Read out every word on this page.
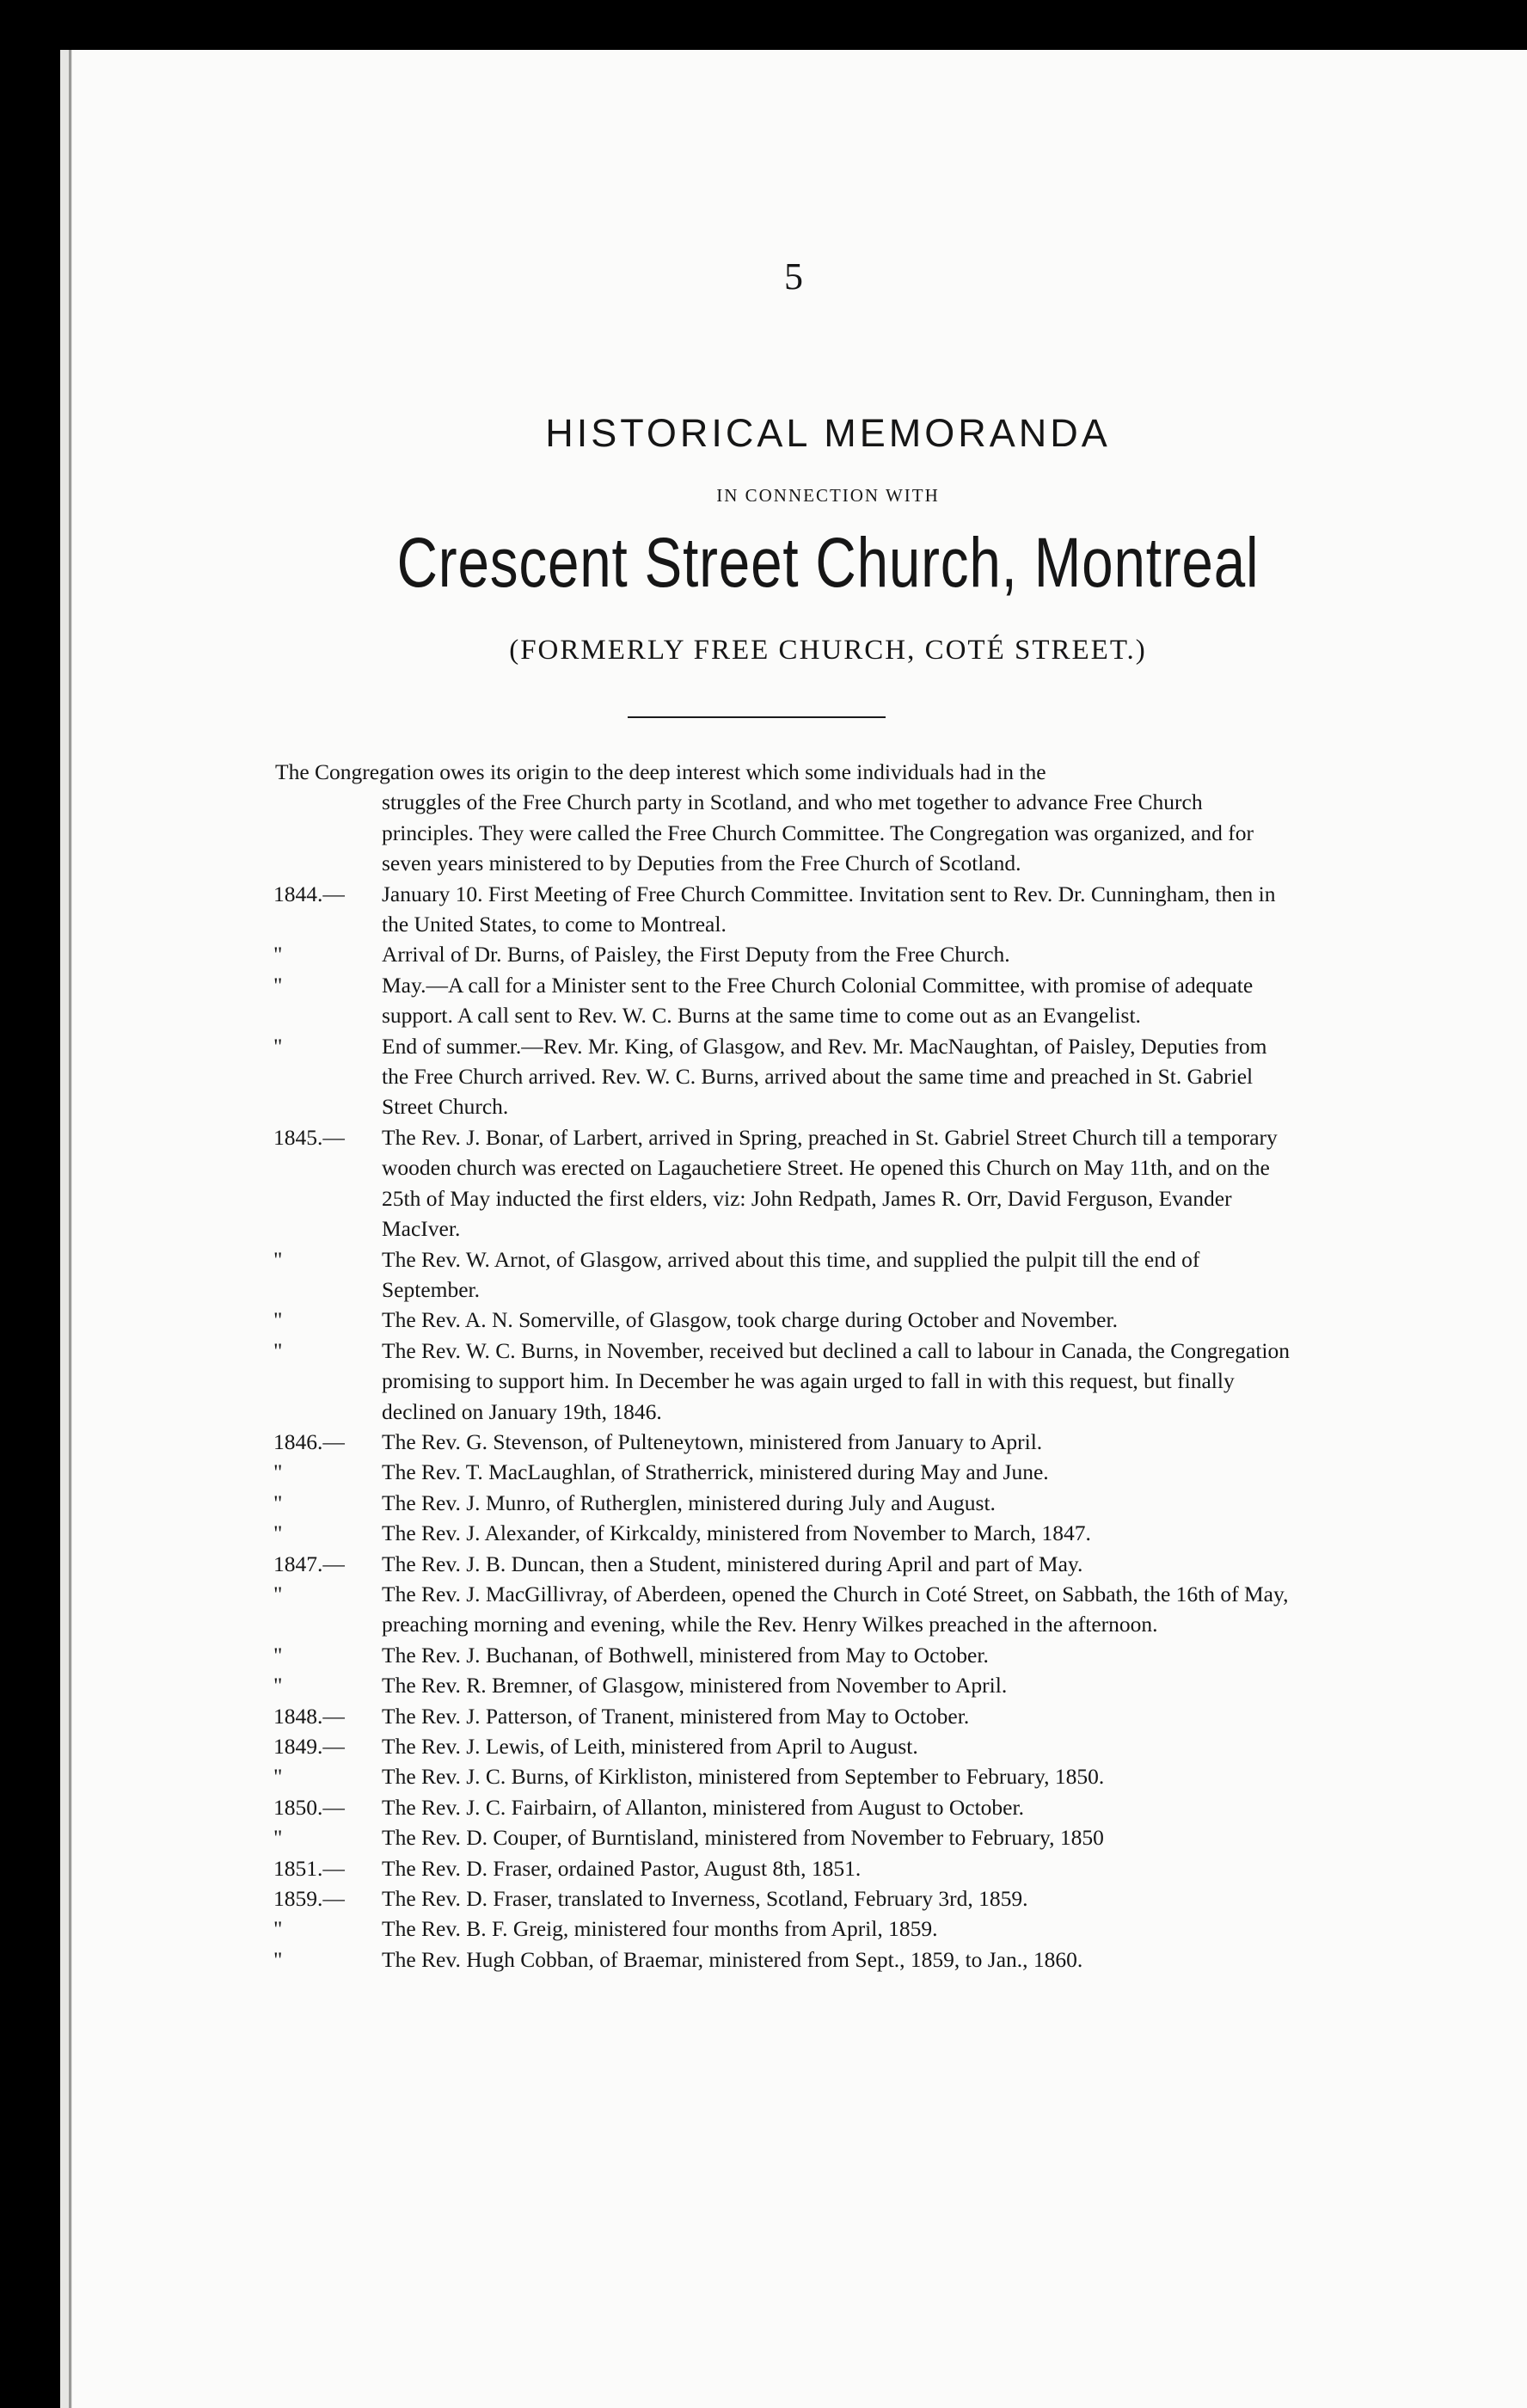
5
HISTORICAL MEMORANDA
IN CONNECTION WITH
Crescent Street Church, Montreal
(FORMERLY FREE CHURCH, COTÉ STREET.)
The Congregation owes its origin to the deep interest which some individuals had in the
struggles of the Free Church party in Scotland, and who met together to advance Free Church principles. They were called the Free Church Committee. The Congregation was organized, and for seven years ministered to by Deputies from the Free Church of Scotland.
1844.— January 10. First Meeting of Free Church Committee. Invitation sent to Rev. Dr. Cunningham, then in the United States, to come to Montreal.
"	Arrival of Dr. Burns, of Paisley, the First Deputy from the Free Church.
"	May.—A call for a Minister sent to the Free Church Colonial Committee, with promise of adequate support. A call sent to Rev. W. C. Burns at the same time to come out as an Evangelist.
"	End of summer.—Rev. Mr. King, of Glasgow, and Rev. Mr. MacNaughtan, of Paisley, Deputies from the Free Church arrived. Rev. W. C. Burns, arrived about the same time and preached in St. Gabriel Street Church.
1845.— The Rev. J. Bonar, of Larbert, arrived in Spring, preached in St. Gabriel Street Church till a temporary wooden church was erected on Lagauchetiere Street. He opened this Church on May 11th, and on the 25th of May inducted the first elders, viz: John Redpath, James R. Orr, David Ferguson, Evander MacIver.
"	The Rev. W. Arnot, of Glasgow, arrived about this time, and supplied the pulpit till the end of September.
"	The Rev. A. N. Somerville, of Glasgow, took charge during October and November.
"	The Rev. W. C. Burns, in November, received but declined a call to labour in Canada, the Congregation promising to support him. In December he was again urged to fall in with this request, but finally declined on January 19th, 1846.
1846.— The Rev. G. Stevenson, of Pulteneytown, ministered from January to April.
"	The Rev. T. MacLaughlan, of Stratherrick, ministered during May and June.
"	The Rev. J. Munro, of Rutherglen, ministered during July and August.
"	The Rev. J. Alexander, of Kirkcaldy, ministered from November to March, 1847.
1847.— The Rev. J. B. Duncan, then a Student, ministered during April and part of May.
"	The Rev. J. MacGillivray, of Aberdeen, opened the Church in Coté Street, on Sabbath, the 16th of May, preaching morning and evening, while the Rev. Henry Wilkes preached in the afternoon.
"	The Rev. J. Buchanan, of Bothwell, ministered from May to October.
"	The Rev. R. Bremner, of Glasgow, ministered from November to April.
1848.— The Rev. J. Patterson, of Tranent, ministered from May to October.
1849.— The Rev. J. Lewis, of Leith, ministered from April to August.
"	The Rev. J. C. Burns, of Kirkliston, ministered from September to February, 1850.
1850.— The Rev. J. C. Fairbairn, of Allanton, ministered from August to October.
"	The Rev. D. Couper, of Burntisland, ministered from November to February, 1850
1851.— The Rev. D. Fraser, ordained Pastor, August 8th, 1851.
1859.— The Rev. D. Fraser, translated to Inverness, Scotland, February 3rd, 1859.
"	The Rev. B. F. Greig, ministered four months from April, 1859.
"	The Rev. Hugh Cobban, of Braemar, ministered from Sept., 1859, to Jan., 1860.
